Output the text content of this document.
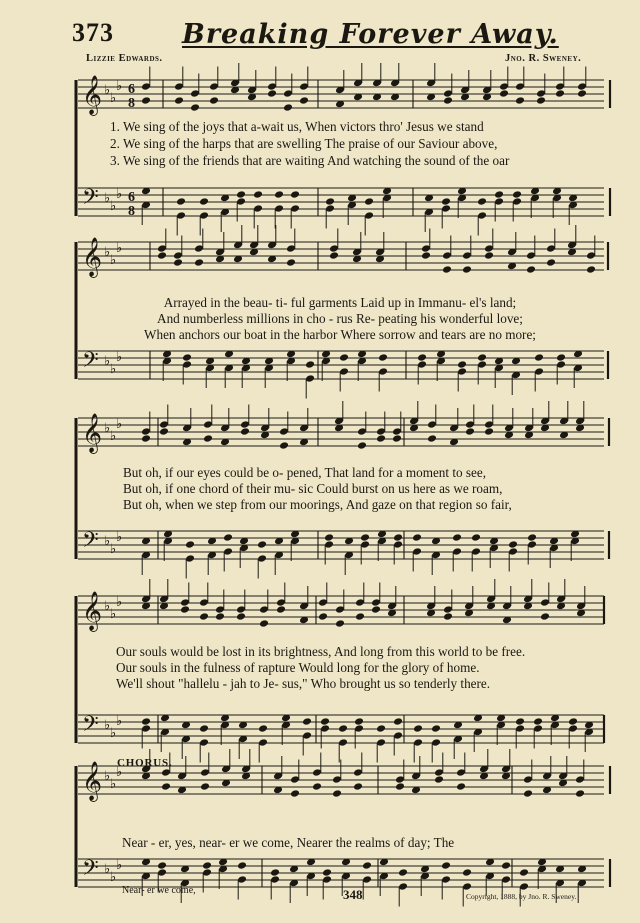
𝄞 ♭
♭
♭ 6
8
𝄢 ♭
♭
♭ 6
8
𝄞 ♭
♭
♭
𝄢 ♭
♭
♭
𝄞 ♭
♭
♭
𝄢 ♭
♭
♭
𝄞 ♭
♭
♭
𝄢 ♭
♭
♭
𝄞 ♭
♭
♭
𝄢 ♭
♭
♭
373	Breaking Forever Away.
Lizzie Edwards.	Jno. R. Sweney.
1. We sing of the joys that a-wait us, When victors thro' Jesus we stand
2. We sing of the harps that are swelling The praise of our Saviour above,
3. We sing of the friends that are waiting And watching the sound of the oar
Arrayed in the beau- ti- ful garments Laid up in Immanu- el's land;
And numberless millions in cho - rus Re- peating his wonderful love;
When anchors our boat in the harbor Where sorrow and tears are no more;
But oh, if our eyes could be o- pened, That land for a moment to see,
But oh, if one chord of their mu- sic Could burst on us here as we roam,
But oh, when we step from our moorings, And gaze on that region so fair,
Our souls would be lost in its brightness, And long from this world to be free.
Our souls in the fulness of rapture Would long for the glory of home.
We'll shout "hallelu - jah to Je- sus," Who brought us so tenderly there.
CHORUS.
Near - er, yes, near- er we come, Nearer the realms of day; The
Near- er we come,	348	Copyright, 1888, by Jno. R. Sweney.
